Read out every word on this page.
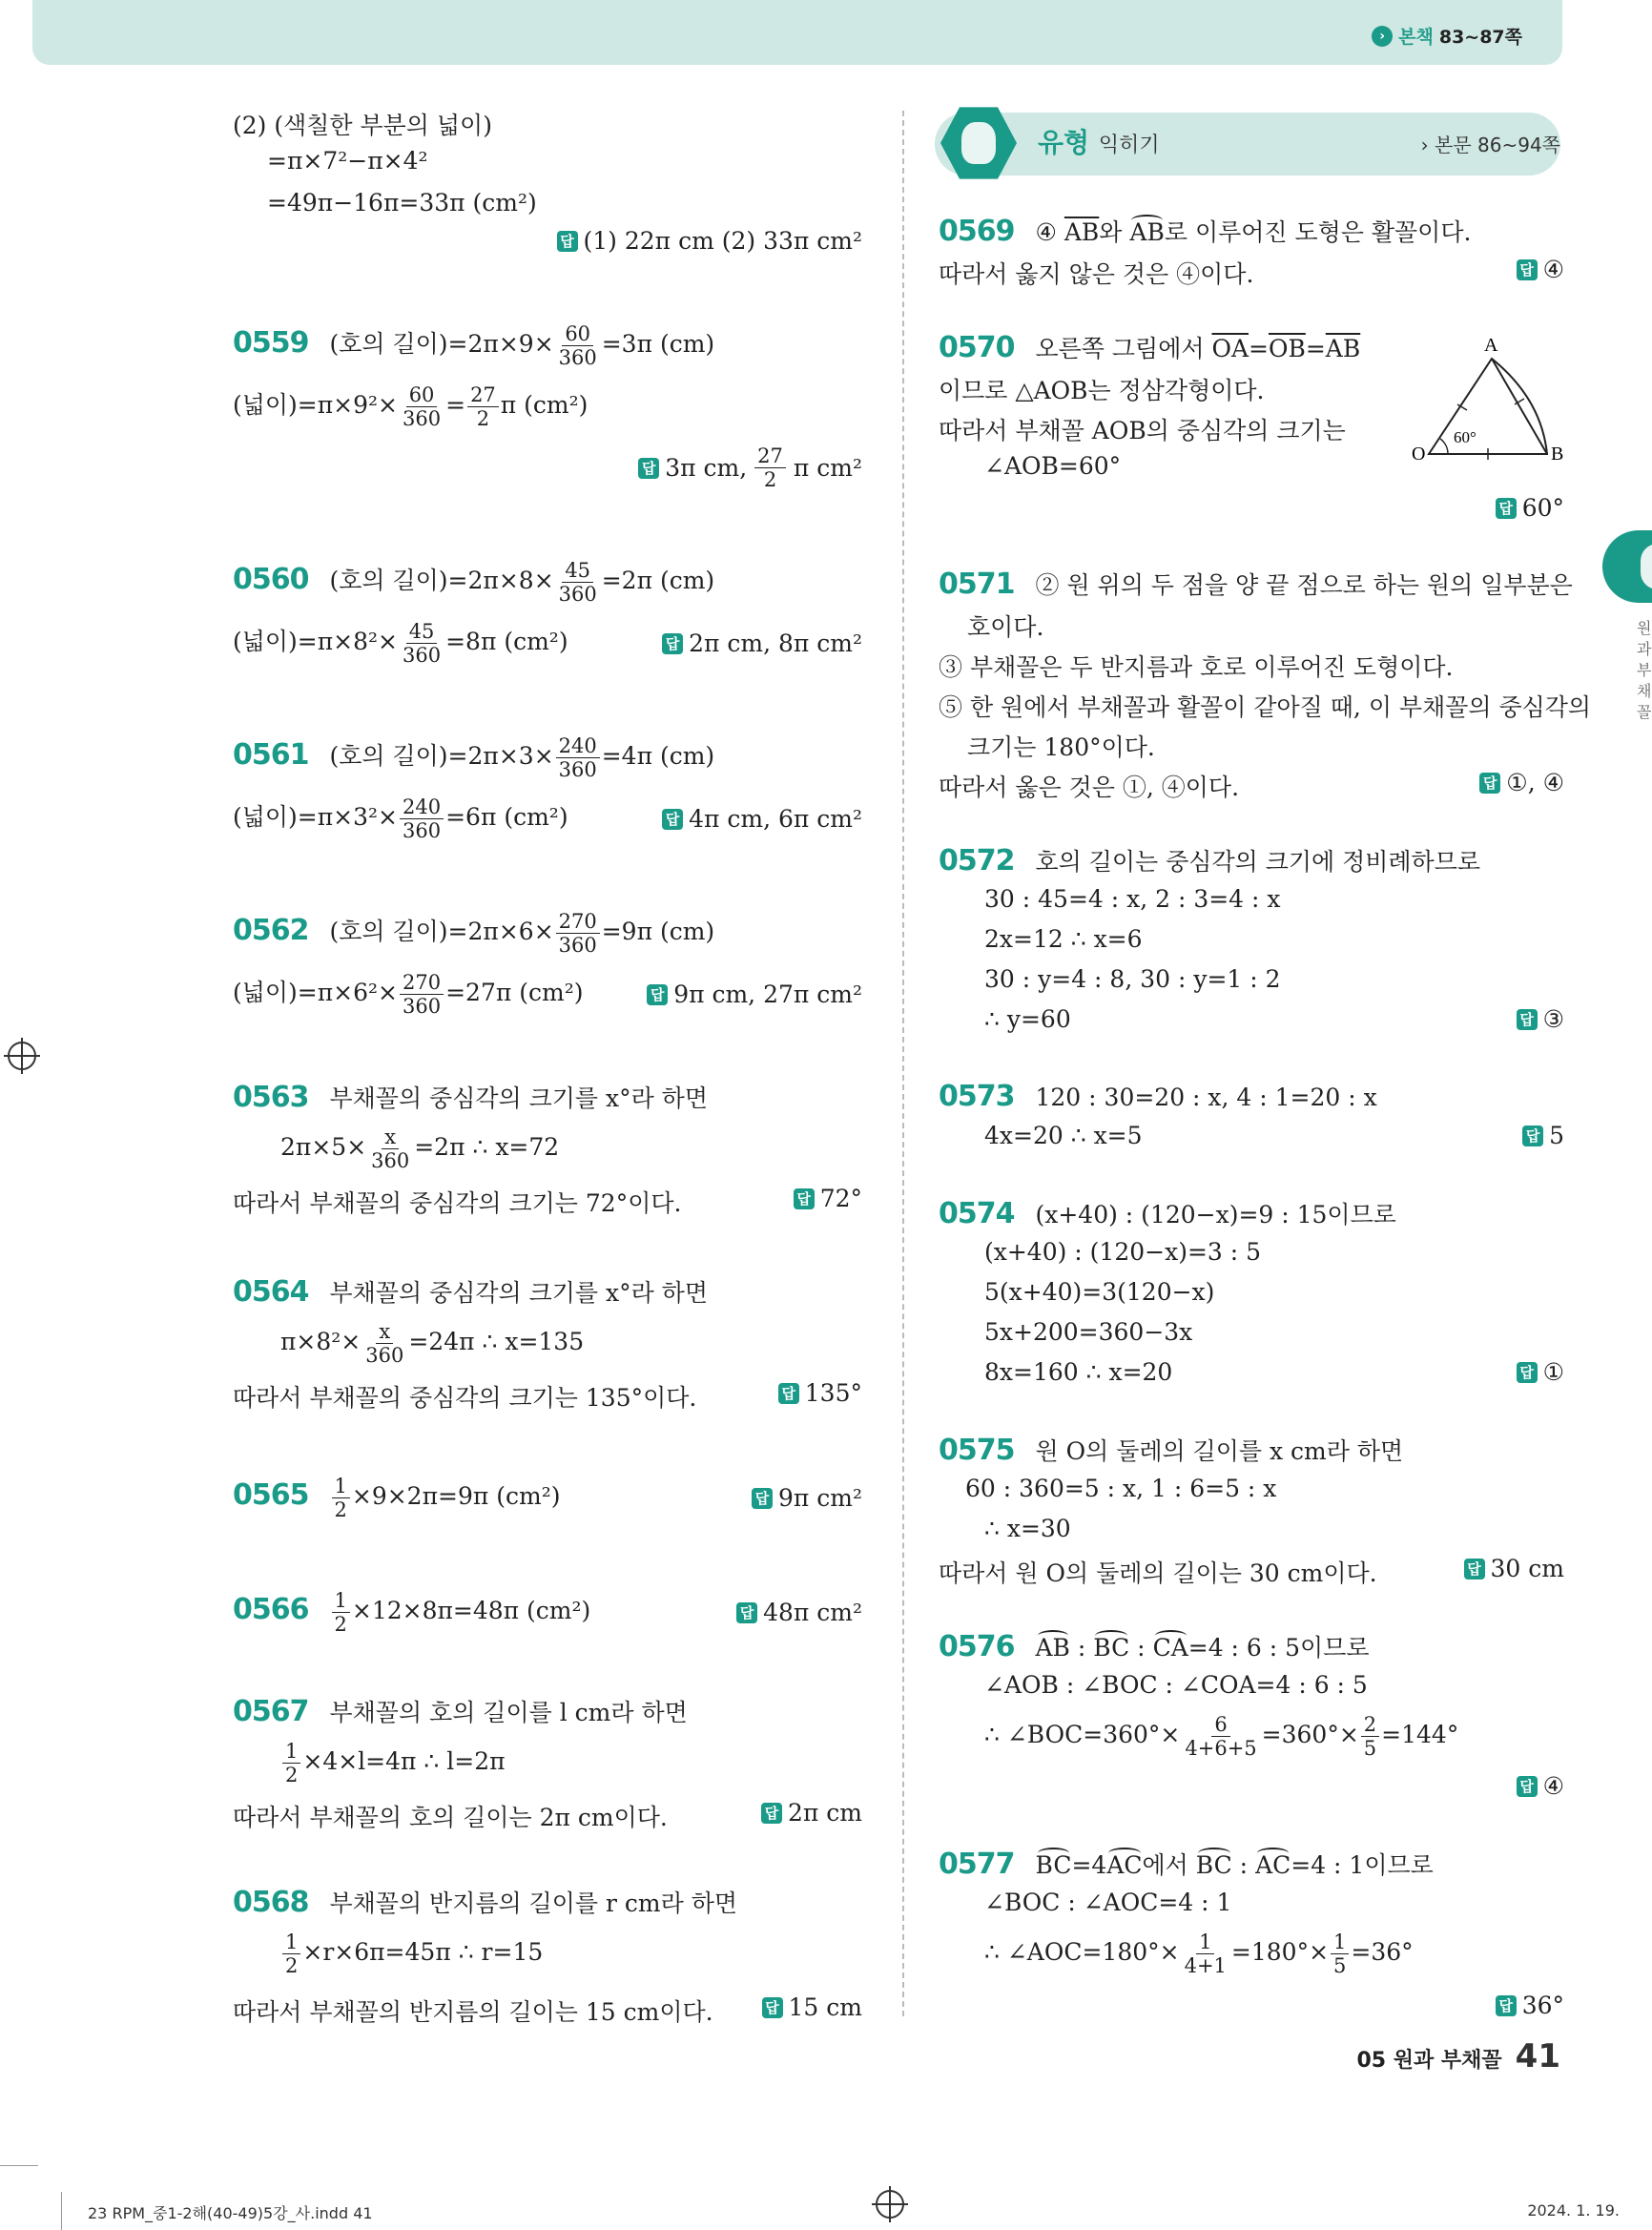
› 본책 83~87쪽
(2) (색칠한 부분의 넓이)
=π×7²−π×4²
=49π−16π=33π (cm²)
답 (1) 22π cm (2) 33π cm²
0559 (호의 길이)$=2\pi\times 9\times \frac{60}{360} =3\pi$ (cm)
(넓이)$=\pi\times 9^2\times \frac{60}{360} = \frac{27}{2}$ π (cm²)
답 3π cm, $\frac{27}{2}$ π cm²
0560 (호의 길이)$=2\pi\times 8\times \frac{45}{360} =2\pi$ (cm)
(넓이)$=\pi\times 8^2\times \frac{45}{360} =8\pi$ (cm²)	답 2π cm, 8π cm²
0561 (호의 길이)$=2\pi\times 3\times \frac{240}{360} =4\pi$ (cm)
(넓이)$=\pi\times 3^2\times \frac{240}{360} =6\pi$ (cm²)	답 4π cm, 6π cm²
0562 (호의 길이)$=2\pi\times 6\times \frac{270}{360} =9\pi$ (cm)
(넓이)$=\pi\times 6^2\times \frac{270}{360} =27\pi$ (cm²)	답 9π cm, 27π cm²
0563 부채꼴의 중심각의 크기를 x°라 하면
$2\pi\times 5\times \frac{x}{360} =2\pi$ ∴ x=72
따라서 부채꼴의 중심각의 크기는 72°이다.	답 72°
0564 부채꼴의 중심각의 크기를 x°라 하면
$\pi\times 8^2\times \frac{x}{360} =24\pi$ ∴ x=135
따라서 부채꼴의 중심각의 크기는 135°이다.	답 135°
$0565 \frac{1}{2} \times 9\times 2\pi=9\pi$ (cm²)	답 9π cm²
$0566 \frac{1}{2} \times 12\times 8\pi=48\pi$ (cm²)	답 48π cm²
0567 부채꼴의 호의 길이를 l cm라 하면
$\frac{1}{2} \times 4\times l=4\pi$ ∴ l=2π
따라서 부채꼴의 호의 길이는 2π cm이다.	답 2π cm
0568 부채꼴의 반지름의 길이를 r cm라 하면
$\frac{1}{2} \times r\times 6\pi=45\pi$ ∴ r=15
따라서 부채꼴의 반지름의 길이는 15 cm이다.	답 15 cm
유형 익히기	› 본문 86~94쪽
0569 ④ $\overline{AB}$와 AB로 이루어진 도형은 활꼴이다.
따라서 옳지 않은 것은 ④이다.	답 ④
0570 오른쪽 그림에서 $\overline{OA}=\overline{OB}=\overline{AB}$
이므로 △AOB는 정삼각형이다.
따라서 부채꼴 AOB의 중심각의 크기는
∠AOB=60°
A
O	B
60°
답 60°
0571 ② 원 위의 두 점을 양 끝 점으로 하는 원의 일부분은
호이다.
③ 부채꼴은 두 반지름과 호로 이루어진 도형이다.
⑤ 한 원에서 부채꼴과 활꼴이 같아질 때, 이 부채꼴의 중심각의
크기는 180°이다.
따라서 옳은 것은 ①, ④이다.	답 ①, ④
0572 호의 길이는 중심각의 크기에 정비례하므로
30 : 45=4 : x, 2 : 3=4 : x
2x=12 ∴ x=6
30 : y=4 : 8, 30 : y=1 : 2
∴ y=60	답 ③
0573 120 : 30=20 : x, 4 : 1=20 : x
4x=20 ∴ x=5	답 5
0574 (x+40) : (120−x)=9 : 15이므로
(x+40) : (120−x)=3 : 5
5(x+40)=3(120−x)
5x+200=360−3x
8x=160 ∴ x=20	답 ①
0575 원 O의 둘레의 길이를 x cm라 하면
60 : 360=5 : x, 1 : 6=5 : x
∴ x=30
따라서 원 O의 둘레의 길이는 30 cm이다.	답 30 cm
0576 AB : BC : CA=4 : 6 : 5이므로
∠AOB : ∠BOC : ∠COA=4 : 6 : 5
∴ ∠BOC=360°× $\frac{6}{4+6+5} =360^\circ\times \frac{2}{5} =144^\circ$
답 ④
0577 BC=4AC에서 BC : AC=4 : 1이므로
∠BOC : ∠AOC=4 : 1
∴ ∠AOC=180°× $\frac{1}{4+1} =180^\circ\times \frac{1}{5} =36^\circ$
답 36°
원과 부채꼴
05 원과 부채꼴 41
23 RPM_중1-2해(40-49)5강_사.indd 41	2024. 1. 19.
